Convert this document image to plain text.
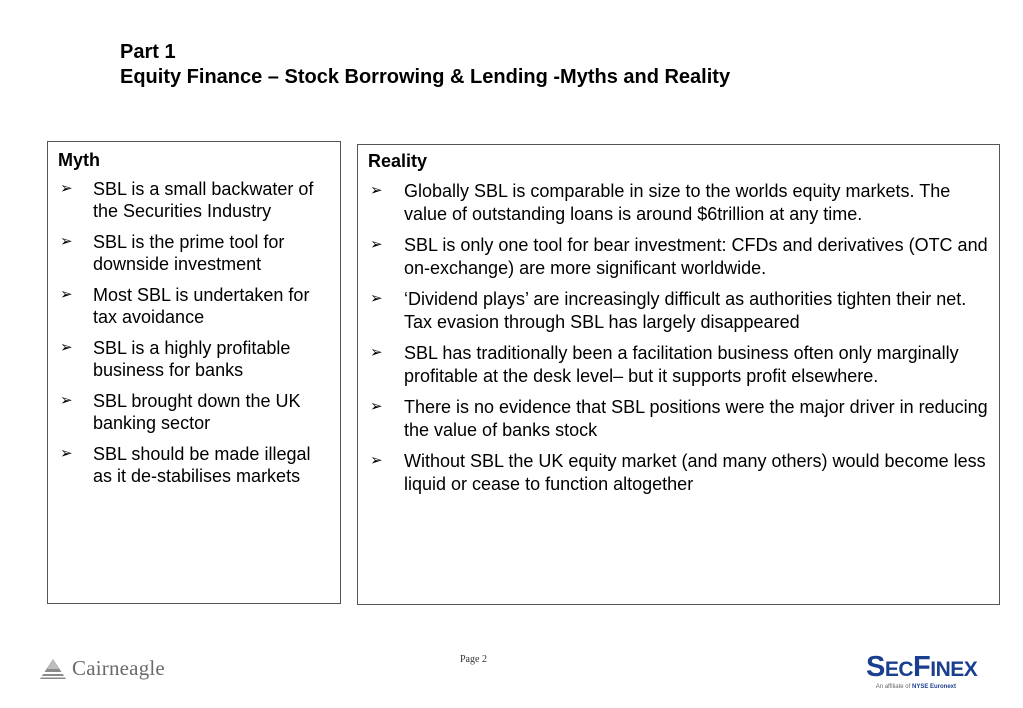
Part 1
Equity Finance – Stock Borrowing & Lending -Myths and Reality
Myth
➢ SBL is a small backwater of the Securities Industry
➢ SBL is the prime tool for downside investment
➢ Most SBL is undertaken for tax avoidance
➢ SBL is a highly profitable business for banks
➢ SBL brought down the UK banking sector
➢ SBL should be made illegal as it de-stabilises markets
Reality
➢ Globally SBL is comparable in size to the worlds equity markets. The value of outstanding loans is around $6trillion at any time.
➢ SBL is only one tool for bear investment: CFDs and derivatives (OTC and on-exchange) are more significant worldwide.
➢ ‘Dividend plays’ are increasingly difficult as authorities tighten their net. Tax evasion through SBL has largely disappeared
➢ SBL has traditionally been a facilitation business often only marginally profitable at the desk level– but it supports profit elsewhere.
➢ There is no evidence that SBL positions were the major driver in reducing the value of banks stock
➢ Without SBL the UK equity market (and many others) would become less liquid or cease to function altogether
Cairneagle	Page 2	SECFINEX
An affiliate of NYSE Euronext
